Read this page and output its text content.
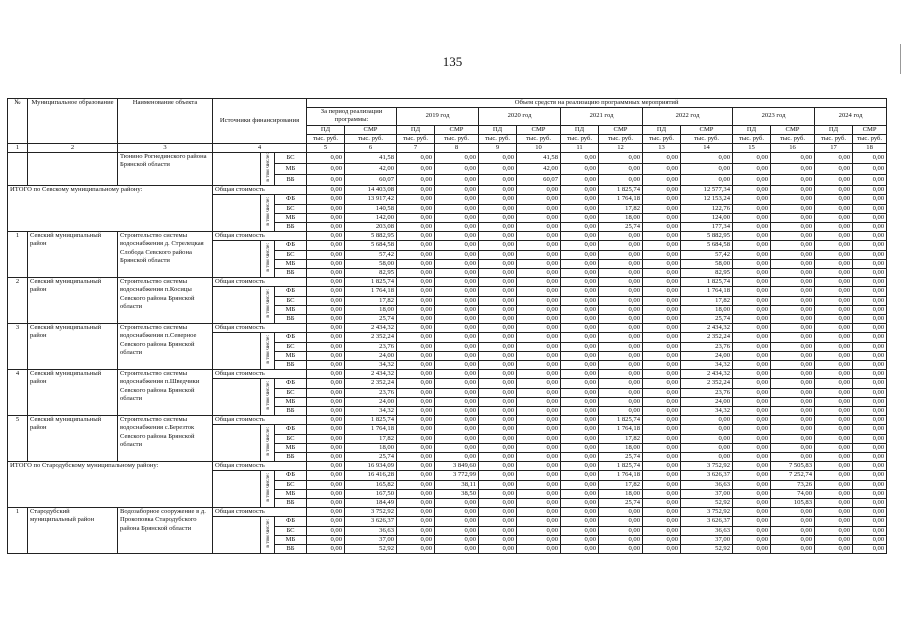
135
№	Муниципальное образование	Наименование объекта	Источники финансирования			Объем средств на реализацию программных мероприятий													
						За период реализации программы:		2019 год		2020 год		2021 год		2022 год		2023 год		2024 год	
						ПД	СМР	ПД	СМР	ПД	СМР	ПД	СМР	ПД	СМР	ПД	СМР	ПД	СМР
						тыс. руб.	тыс. руб.	тыс. руб.	тыс. руб.	тыс. руб.	тыс. руб.	тыс. руб.	тыс. руб.	тыс. руб.	тыс. руб.	тыс. руб.	тыс. руб.	тыс. руб.	тыс. руб.
1	2	3	4			5	6	7	8	9	10	11	12	13	14	15	16	17	18
		Тюнино Рогнединского района Брянской области		в том числе:	БС	0,00	41,58	0,00	0,00	0,00	41,58	0,00	0,00	0,00	0,00	0,00	0,00	0,00	0,00
					МБ	0,00	42,00	0,00	0,00	0,00	42,00	0,00	0,00	0,00	0,00	0,00	0,00	0,00	0,00
					ВБ	0,00	60,07	0,00	0,00	0,00	60,07	0,00	0,00	0,00	0,00	0,00	0,00	0,00	0,00
ИТОГО по Севскому муниципальному району:			Общая стоимость			0,00	14 403,08	0,00	0,00	0,00	0,00	0,00	1 825,74	0,00	12 577,34	0,00	0,00	0,00	0,00
				в том числе:	ФБ	0,00	13 917,42	0,00	0,00	0,00	0,00	0,00	1 764,18	0,00	12 153,24	0,00	0,00	0,00	0,00
					БС	0,00	140,58	0,00	0,00	0,00	0,00	0,00	17,82	0,00	122,76	0,00	0,00	0,00	0,00
					МБ	0,00	142,00	0,00	0,00	0,00	0,00	0,00	18,00	0,00	124,00	0,00	0,00	0,00	0,00
					ВБ	0,00	203,08	0,00	0,00	0,00	0,00	0,00	25,74	0,00	177,34	0,00	0,00	0,00	0,00
1	Севский муниципальный район	Строительство системы водоснабжения д. Стрелецкая Слобода Севского района Брянской области	Общая стоимость			0,00	5 882,95	0,00	0,00	0,00	0,00	0,00	0,00	0,00	5 882,95	0,00	0,00	0,00	0,00
				в том числе:	ФБ	0,00	5 684,58	0,00	0,00	0,00	0,00	0,00	0,00	0,00	5 684,58	0,00	0,00	0,00	0,00
					БС	0,00	57,42	0,00	0,00	0,00	0,00	0,00	0,00	0,00	57,42	0,00	0,00	0,00	0,00
					МБ	0,00	58,00	0,00	0,00	0,00	0,00	0,00	0,00	0,00	58,00	0,00	0,00	0,00	0,00
					ВБ	0,00	82,95	0,00	0,00	0,00	0,00	0,00	0,00	0,00	82,95	0,00	0,00	0,00	0,00
2	Севский муниципальный район	Строительство системы водоснабжения п.Косицы Севского района Брянской области	Общая стоимость			0,00	1 825,74	0,00	0,00	0,00	0,00	0,00	0,00	0,00	1 825,74	0,00	0,00	0,00	0,00
				в том числе:	ФБ	0,00	1 764,18	0,00	0,00	0,00	0,00	0,00	0,00	0,00	1 764,18	0,00	0,00	0,00	0,00
					БС	0,00	17,82	0,00	0,00	0,00	0,00	0,00	0,00	0,00	17,82	0,00	0,00	0,00	0,00
					МБ	0,00	18,00	0,00	0,00	0,00	0,00	0,00	0,00	0,00	18,00	0,00	0,00	0,00	0,00
					ВБ	0,00	25,74	0,00	0,00	0,00	0,00	0,00	0,00	0,00	25,74	0,00	0,00	0,00	0,00
3	Севский муниципальный район	Строительство системы водоснабжения п.Северное Севского района Брянской области	Общая стоимость			0,00	2 434,32	0,00	0,00	0,00	0,00	0,00	0,00	0,00	2 434,32	0,00	0,00	0,00	0,00
				в том числе:	ФБ	0,00	2 352,24	0,00	0,00	0,00	0,00	0,00	0,00	0,00	2 352,24	0,00	0,00	0,00	0,00
					БС	0,00	23,76	0,00	0,00	0,00	0,00	0,00	0,00	0,00	23,76	0,00	0,00	0,00	0,00
					МБ	0,00	24,00	0,00	0,00	0,00	0,00	0,00	0,00	0,00	24,00	0,00	0,00	0,00	0,00
					ВБ	0,00	34,32	0,00	0,00	0,00	0,00	0,00	0,00	0,00	34,32	0,00	0,00	0,00	0,00
4	Севский муниципальный район	Строительство системы водоснабжения п.Шведчики Севского района Брянской области	Общая стоимость			0,00	2 434,32	0,00	0,00	0,00	0,00	0,00	0,00	0,00	2 434,32	0,00	0,00	0,00	0,00
				в том числе:	ФБ	0,00	2 352,24	0,00	0,00	0,00	0,00	0,00	0,00	0,00	2 352,24	0,00	0,00	0,00	0,00
					БС	0,00	23,76	0,00	0,00	0,00	0,00	0,00	0,00	0,00	23,76	0,00	0,00	0,00	0,00
					МБ	0,00	24,00	0,00	0,00	0,00	0,00	0,00	0,00	0,00	24,00	0,00	0,00	0,00	0,00
					ВБ	0,00	34,32	0,00	0,00	0,00	0,00	0,00	0,00	0,00	34,32	0,00	0,00	0,00	0,00
5	Севский муниципальный район	Строительство системы водоснабжения с.Березток Севского района Брянской области	Общая стоимость			0,00	1 825,74	0,00	0,00	0,00	0,00	0,00	1 825,74	0,00	0,00	0,00	0,00	0,00	0,00
				в том числе:	ФБ	0,00	1 764,18	0,00	0,00	0,00	0,00	0,00	1 764,18	0,00	0,00	0,00	0,00	0,00	0,00
					БС	0,00	17,82	0,00	0,00	0,00	0,00	0,00	17,82	0,00	0,00	0,00	0,00	0,00	0,00
					МБ	0,00	18,00	0,00	0,00	0,00	0,00	0,00	18,00	0,00	0,00	0,00	0,00	0,00	0,00
					ВБ	0,00	25,74	0,00	0,00	0,00	0,00	0,00	25,74	0,00	0,00	0,00	0,00	0,00	0,00
ИТОГО по Стародубскому муниципальному району:			Общая стоимость			0,00	16 934,09	0,00	3 849,60	0,00	0,00	0,00	1 825,74	0,00	3 752,92	0,00	7 505,83	0,00	0,00
				в том числе:	ФБ	0,00	16 416,28	0,00	3 772,99	0,00	0,00	0,00	1 764,18	0,00	3 626,37	0,00	7 252,74	0,00	0,00
					БС	0,00	165,82	0,00	38,11	0,00	0,00	0,00	17,82	0,00	36,63	0,00	73,26	0,00	0,00
					МБ	0,00	167,50	0,00	38,50	0,00	0,00	0,00	18,00	0,00	37,00	0,00	74,00	0,00	0,00
					ВБ	0,00	184,49	0,00	0,00	0,00	0,00	0,00	25,74	0,00	52,92	0,00	105,83	0,00	0,00
1	Стародубский муниципальный район	Водозаборное сооружение в д. Прокоповка Стародубского района Брянской области	Общая стоимость			0,00	3 752,92	0,00	0,00	0,00	0,00	0,00	0,00	0,00	3 752,92	0,00	0,00	0,00	0,00
				в том числе:	ФБ	0,00	3 626,37	0,00	0,00	0,00	0,00	0,00	0,00	0,00	3 626,37	0,00	0,00	0,00	0,00
					БС	0,00	36,63	0,00	0,00	0,00	0,00	0,00	0,00	0,00	36,63	0,00	0,00	0,00	0,00
					МБ	0,00	37,00	0,00	0,00	0,00	0,00	0,00	0,00	0,00	37,00	0,00	0,00	0,00	0,00
					ВБ	0,00	52,92	0,00	0,00	0,00	0,00	0,00	0,00	0,00	52,92	0,00	0,00	0,00	0,00
